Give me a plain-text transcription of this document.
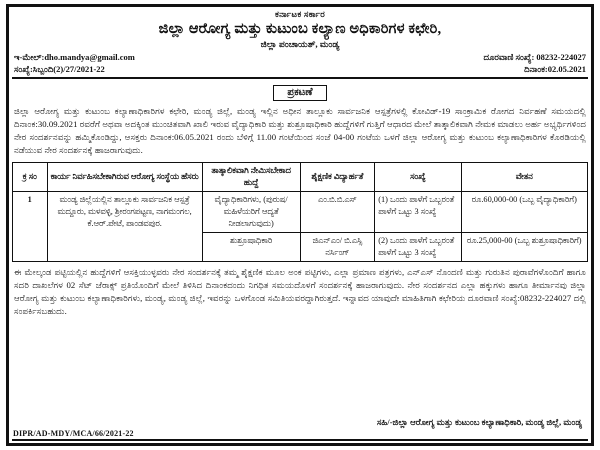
ಕರ್ನಾಟಕ ಸರ್ಕಾರ
ಜಿಲ್ಲಾ ಆರೋಗ್ಯ ಮತ್ತು ಕುಟುಂಬ ಕಲ್ಯಾಣ ಅಧಿಕಾರಿಗಳ ಕಛೇರಿ,
ಜಿಲ್ಲಾ ಪಂಚಾಯತ್, ಮಂಡ್ಯ
ಇ-ಮೇಲ್:dho.mandya@gmail.com	ದೂರವಾಣಿ ಸಂಖ್ಯೆ: 08232-224027
ಸಂಖ್ಯೆ:ಸಿಬ್ಬಂದಿ(2)/27/2021-22	ದಿನಾಂಕ:02.05.2021
ಪ್ರಕಟಣೆ
ಜಿಲ್ಲಾ ಆರೋಗ್ಯ ಮತ್ತು ಕುಟುಂಬ ಕಲ್ಯಾಣಾಧಿಕಾರಿಗಳ ಕಛೇರಿ, ಮಂಡ್ಯ ಜಿಲ್ಲೆ, ಮಂಡ್ಯ ಇಲ್ಲಿನ ಅಧೀನ ತಾಲ್ಲೂಕು ಸಾರ್ವಜನಿಕ ಆಸ್ಪತ್ರೆಗಳಲ್ಲಿ ಕೋವಿಡ್-19 ಸಾಂಕ್ರಾಮಿಕ ರೋಗದ ನಿರ್ವಹಣೆ ಸಮಯದಲ್ಲಿ ದಿನಾಂಕ:30.09.2021 ರವರೆಗೆ ಅಥವಾ ಅದಕ್ಕಿಂತ ಮುಂಚಿತವಾಗಿ ಖಾಲಿ ಇರುವ ವೈದ್ಯಾಧಿಕಾರಿ ಮತ್ತು ಶುಶ್ರೂಷಾಧಿಕಾರಿ ಹುದ್ದೆಗಳಿಗೆ ಗುತ್ತಿಗೆ ಆಧಾರದ ಮೇಲೆ ತಾತ್ಕಾಲಿಕವಾಗಿ ನೇಮಕ ಮಾಡಲು ಅರ್ಹ ಅಭ್ಯರ್ಥಿಗಳಿಂದ ನೇರ ಸಂದರ್ಶನವನ್ನು ಹಮ್ಮಿಕೊಂಡಿದ್ದು, ಆಸಕ್ತರು ದಿನಾಂಕ:06.05.2021 ರಂದು ಬೆಳಿಗ್ಗೆ 11.00 ಗಂಟೆಯಿಂದ ಸಂಜೆ 04-00 ಗಂಟೆಯ ಒಳಗೆ ಜಿಲ್ಲಾ ಆರೋಗ್ಯ ಮತ್ತು ಕುಟುಂಬ ಕಲ್ಯಾಣಾಧಿಕಾರಿಗಳ ಕೊಠಡಿಯಲ್ಲಿ ನಡೆಯುವ ನೇರ ಸಂದರ್ಶನಕ್ಕೆ ಹಾಜರಾಗುವುದು.
ಕ್ರ ಸಂ	ಕಾರ್ಯ ನಿರ್ವಹಿಸಬೇಕಾಗಿರುವ ಆರೋಗ್ಯ ಸಂಸ್ಥೆಯ ಹೆಸರು	ತಾತ್ಕಾಲಿಕವಾಗಿ ನೇಮಿಸಬೇಕಾದ ಹುದ್ದೆ	ಶೈಕ್ಷಣಿಕ ವಿದ್ಯಾರ್ಹತೆ	ಸಂಖ್ಯೆ	ವೇತನ
1	ಮಂಡ್ಯ ಜಿಲ್ಲೆಯಲ್ಲಿನ ತಾಲ್ಲೂಕು ಸಾರ್ವಜನಿಕ ಆಸ್ಪತ್ರೆ ಮದ್ದೂರು, ಮಳವಳ್ಳಿ, ಶ್ರೀರಂಗಪಟ್ಟಣ, ನಾಗಮಂಗಲ, ಕೆ.ಆರ್.ಪೇಟೆ, ಪಾಂಡವಪುರ.	ವೈದ್ಯಾಧಿಕಾರಿಗಳು, (ಪುರುಷ/ಮಹಿಳೆಯರಿಗೆ ಆದ್ಯತೆ ನೀಡಲಾಗುವುದು)	ಎಂ.ಬಿ.ಬಿ.ಎಸ್	(1) ಒಂದು ಪಾಳೆಗೆ ಒಬ್ಬರಂತೆ ಪಾಳೆಗೆ ಒಟ್ಟು 3 ಸಂಖ್ಯೆ	ರೂ.60,000-00 (ಒಬ್ಬ ವೈದ್ಯಾಧಿಕಾರಿಗೆ)
		ಶುಶ್ರೂಷಾಧಿಕಾರಿ	ಜಿಎನ್‌ಎಂ/ ಬಿ.ಎಸ್ಸಿ ನರ್ಸಿಂಗ್	(2) ಒಂದು ಪಾಳೆಗೆ ಒಬ್ಬರಂತೆ ಪಾಳೆಗೆ ಒಟ್ಟು 3 ಸಂಖ್ಯೆ	ರೂ.25,000-00 (ಒಬ್ಬ ಶುಶ್ರೂಷಾಧಿಕಾರಿಗೆ)
ಈ ಮೇಲ್ಕಂಡ ಪಟ್ಟಿಯಲ್ಲಿನ ಹುದ್ದೆಗಳಿಗೆ ಆಸಕ್ತಿಯುಳ್ಳವರು ನೇರ ಸಂದರ್ಶನಕ್ಕೆ ತಮ್ಮ ಶೈಕ್ಷಣಿಕ ಮೂಲ ಅಂಕ ಪಟ್ಟಿಗಳು, ಎಲ್ಲಾ ಪ್ರಮಾಣ ಪತ್ರಗಳು, ಎನ್‌ಎಸ್ ನೊಂದಣಿ ಮತ್ತು ಗುರುತಿನ ಪುರಾವೆಗಳೊಂದಿಗೆ ಹಾಗೂ ಸದರಿ ದಾಖಲೆಗಳ 02 ಸೆಟ್ ಜೆರಾಕ್ಸ್ ಪ್ರತಿಯೊಂದಿಗೆ ಮೇಲೆ ತಿಳಿಸಿದ ದಿನಾಂಕದಂದು ನಿಗಧಿತ ಸಮಯದೊಳಗೆ ಸಂದರ್ಶನಕ್ಕೆ ಹಾಜರಾಗುವುದು. ನೇರ ಸಂದರ್ಶನದ ಎಲ್ಲಾ ಹಕ್ಕುಗಳು ಹಾಗೂ ತೀರ್ಮಾನವು ಜಿಲ್ಲಾ ಆರೋಗ್ಯ ಮತ್ತು ಕುಟುಂಬ ಕಲ್ಯಾಣಾಧಿಕಾರಿಗಳು, ಮಂಡ್ಯ, ಮಂಡ್ಯ ಜಿಲ್ಲೆ, ಇವರನ್ನು ಒಳಗೊಂಡ ಸಮಿತಿಯವರದ್ದಾಗಿರುತ್ತದೆ. ಇನ್ನಾವದ ಯಾವುದೇ ಮಾಹಿತಿಗಾಗಿ ಕಛೇರಿಯ ದೂರವಾಣಿ ಸಂಖ್ಯೆ:08232-224027 ದಲ್ಲಿ ಸಂಪರ್ಕಿಸಬಹುದು.
ಸಹಿ/-ಜಿಲ್ಲಾ ಆರೋಗ್ಯ ಮತ್ತು ಕುಟುಂಬ ಕಲ್ಯಾಣಾಧಿಕಾರಿ, ಮಂಡ್ಯ ಜಿಲ್ಲೆ, ಮಂಡ್ಯ
DIPR/AD-MDY/MCA/66/2021-22
